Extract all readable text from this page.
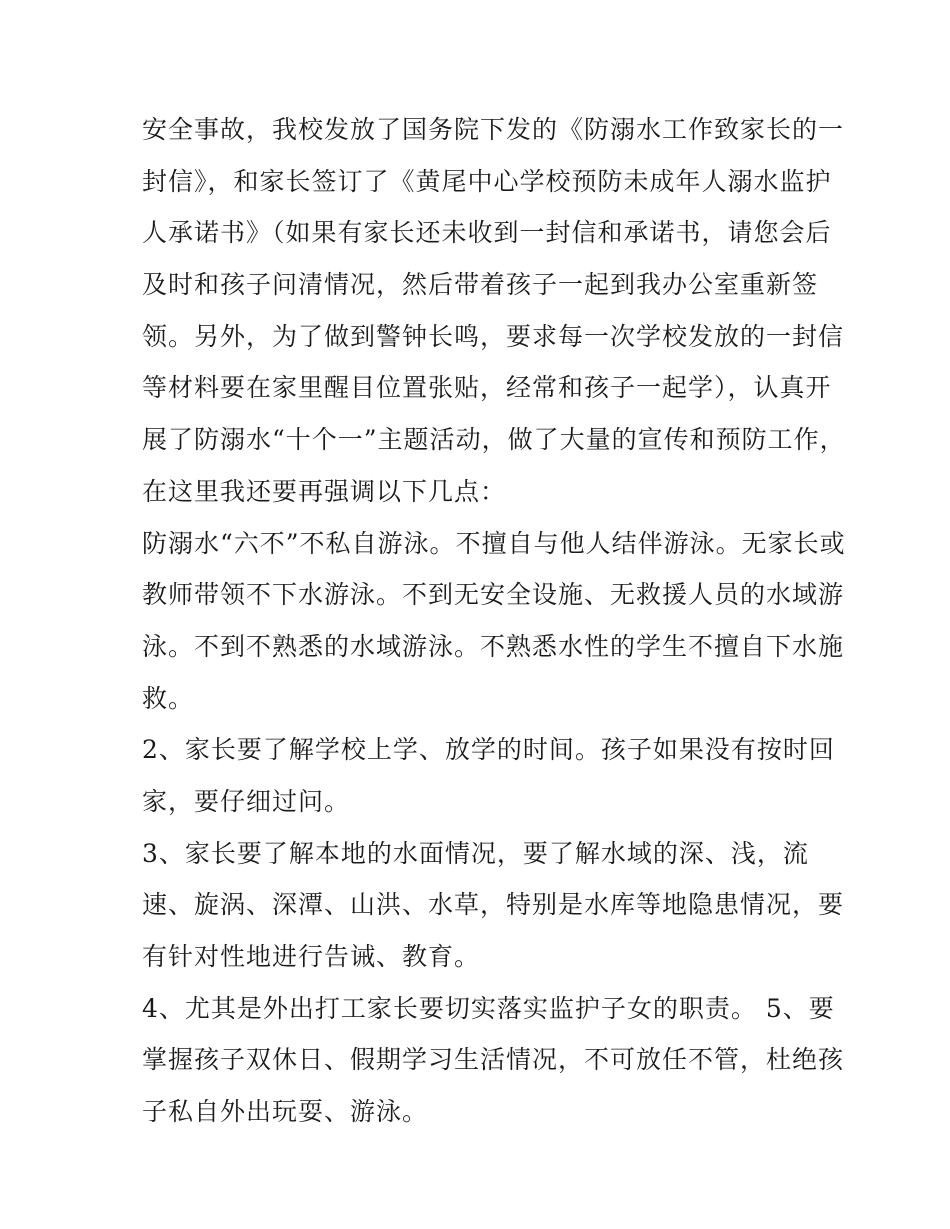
安全事故，我校发放了国务院下发的《防溺水工作致家长的一
封信》，和家长签订了《黄尾中心学校预防未成年人溺水监护
人承诺书》（如果有家长还未收到一封信和承诺书，请您会后
及时和孩子问清情况，然后带着孩子一起到我办公室重新签
领。另外，为了做到警钟长鸣，要求每一次学校发放的一封信
等材料要在家里醒目位置张贴，经常和孩子一起学），认真开
展了防溺水“十个一”主题活动，做了大量的宣传和预防工作，
在这里我还要再强调以下几点：
防溺水“六不”不私自游泳。不擅自与他人结伴游泳。无家长或
教师带领不下水游泳。不到无安全设施、无救援人员的水域游
泳。不到不熟悉的水域游泳。不熟悉水性的学生不擅自下水施
救。
2、家长要了解学校上学、放学的时间。孩子如果没有按时回
家，要仔细过问。
3、家长要了解本地的水面情况，要了解水域的深、浅，流
速、旋涡、深潭、山洪、水草，特别是水库等地隐患情况，要
有针对性地进行告诫、教育。
4、尤其是外出打工家长要切实落实监护子女的职责。 5、要
掌握孩子双休日、假期学习生活情况，不可放任不管，杜绝孩
子私自外出玩耍、游泳。
